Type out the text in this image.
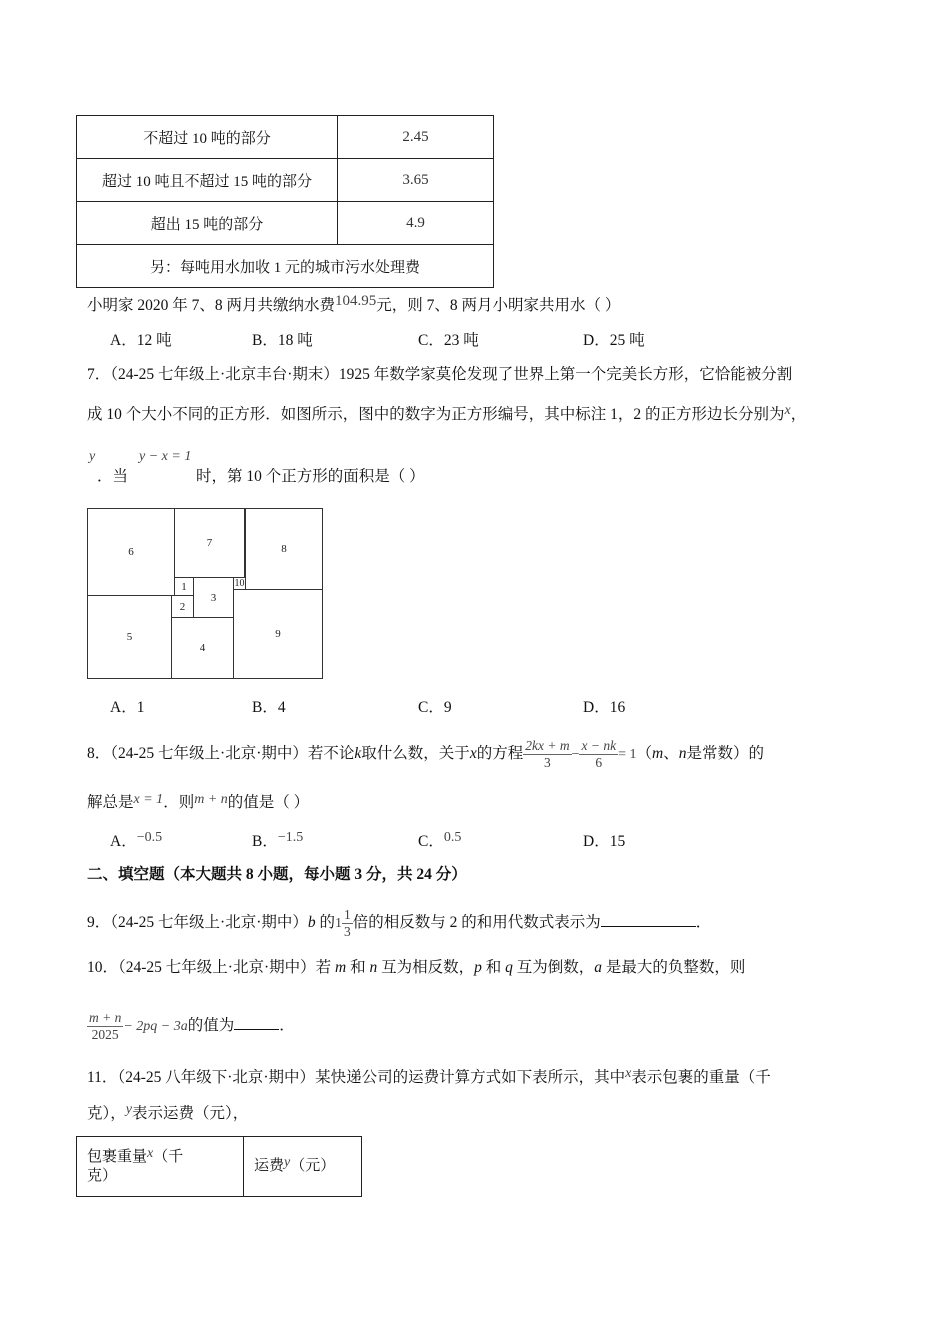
不超过 10 吨的部分	2.45
超过 10 吨且不超过 15 吨的部分	3.65
超出 15 吨的部分	4.9
另：每吨用水加收 1 元的城市污水处理费	
小明家 2020 年 7、8 两月共缴纳水费104.95元，则 7、8 两月小明家共用水（ ）
A．12 吨	B．18 吨	C．23 吨	D．25 吨
7．（24-25 七年级上·北京丰台·期末）1925 年数学家莫伦发现了世界上第一个完美长方形，它恰能被分割
成 10 个大小不同的正方形．如图所示，图中的数字为正方形编号，其中标注 1，2 的正方形边长分别为x，
y
．当
y − x = 1
时，第 10 个正方形的面积是（ ）
6
7	8
1
2
3
10
9
4
5
A．1	B．4	C．9	D．16
8．（24-25 七年级上·北京·期中）若不论k取什么数，关于x的方程 $\frac{2kx + m}{3} - \frac{x - nk}{6} = 1(m$、n是常数）的
解总是x = 1．则m + n的值是（ ）
A．−0.5	B．−1.5	C．0.5	D．15
二、填空题（本大题共 8 小题，每小题 3 分，共 24 分）
9．（24-25 七年级上·北京·期中）b 的$1 \frac{1}{3}$ 倍的相反数与 2 的和用代数式表示为	．
10．（24-25 七年级上·北京·期中）若 m 和 n 互为相反数，p 和 q 互为倒数，a 是最大的负整数，则
$\frac{m + n}{2025} - 2pq - 3a$的值为	．
11．（24-25 八年级下·北京·期中）某快递公司的运费计算方式如下表所示，其中x表示包裹的重量（千
克），y表示运费（元），
包裹重量x（千
克）	运费y（元）
